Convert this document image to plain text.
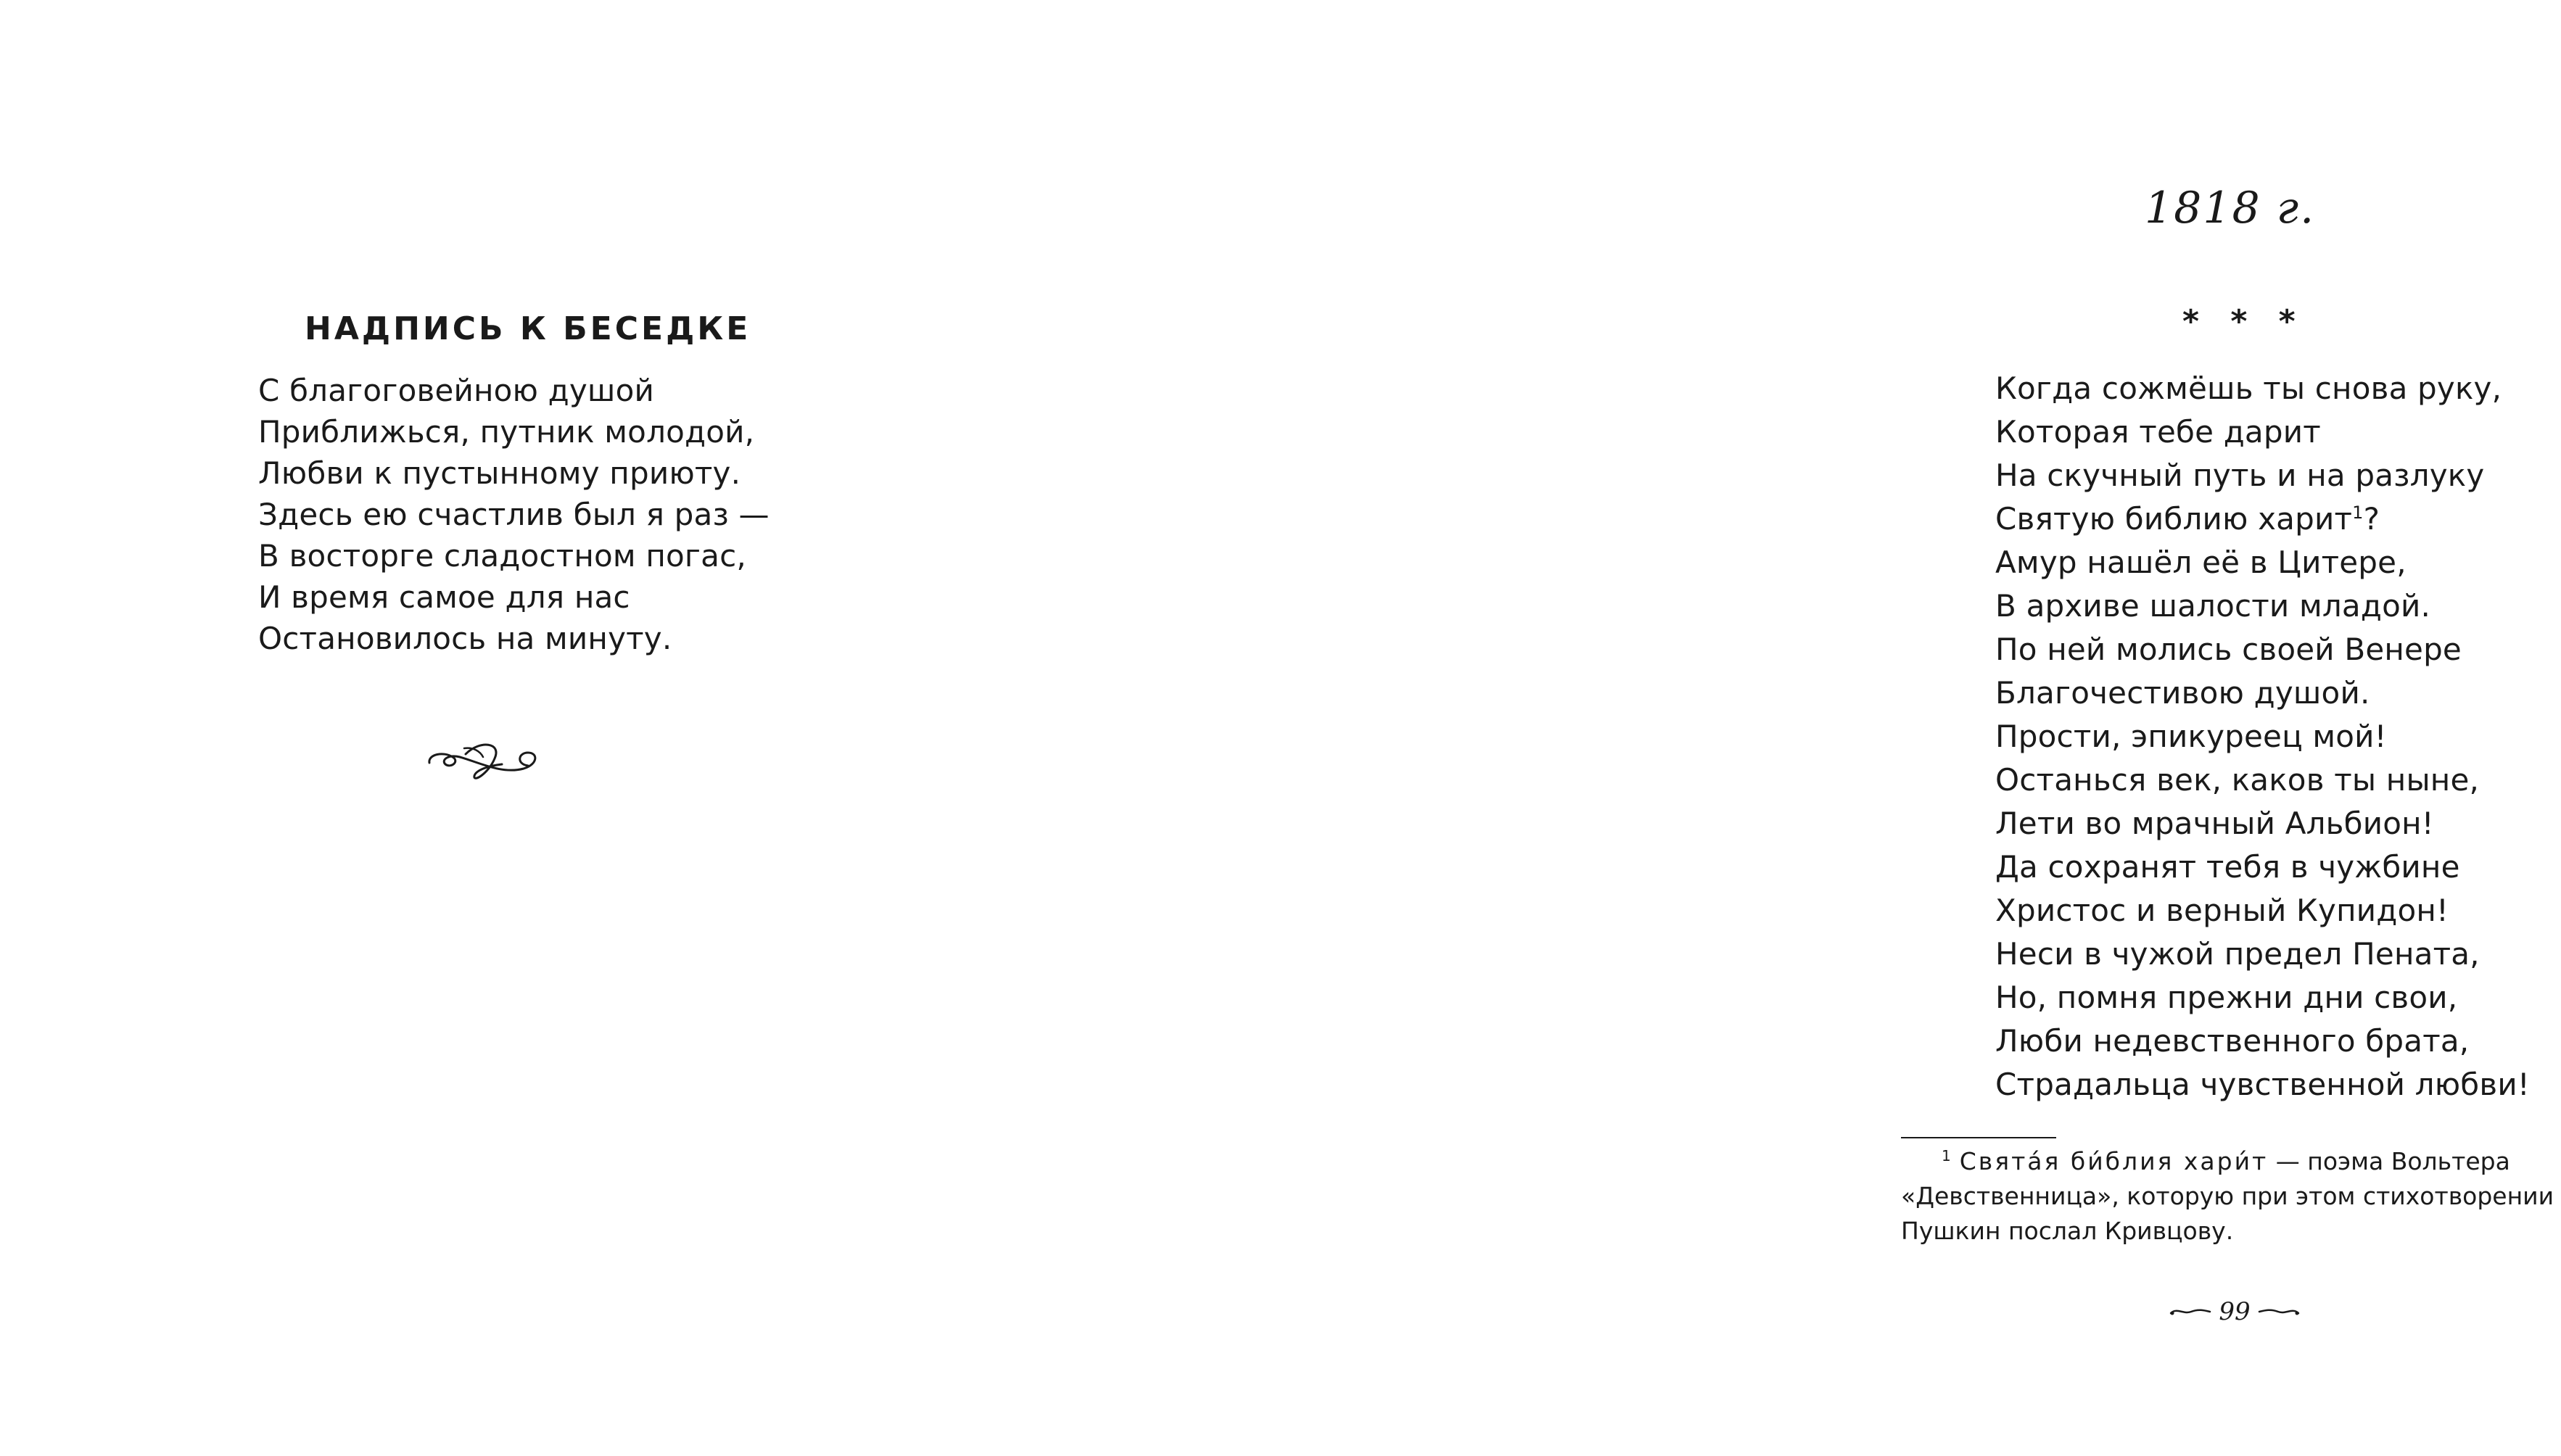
НАДПИСЬ К БЕСЕДКЕ
С благоговейною душой
Приближься, путник молодой,
Любви к пустынному приюту.
Здесь ею счастлив был я раз —
В восторге сладостном погас,
И время самое для нас
Остановилось на минуту.
1818 г.
* * *
Когда сожмёшь ты снова руку,
Которая тебе дарит
На скучный путь и на разлуку
Святую библию харит$^1$?
Амур нашёл её в Цитере,
В архиве шалости младой.
По ней молись своей Венере
Благочестивою душой.
Прости, эпикуреец мой!
Останься век, каков ты ныне,
Лети во мрачный Альбион!
Да сохранят тебя в чужбине
Христос и верный Купидон!
Неси в чужой предел Пената,
Но, помня прежни дни свои,
Люби недевственного брата,
Страдальца чувственной любви!

1 Свята́я би́блия хари́т — поэма Вольтера «Девственница», которую при этом стихотворении Пушкин послал Кривцову.

99
